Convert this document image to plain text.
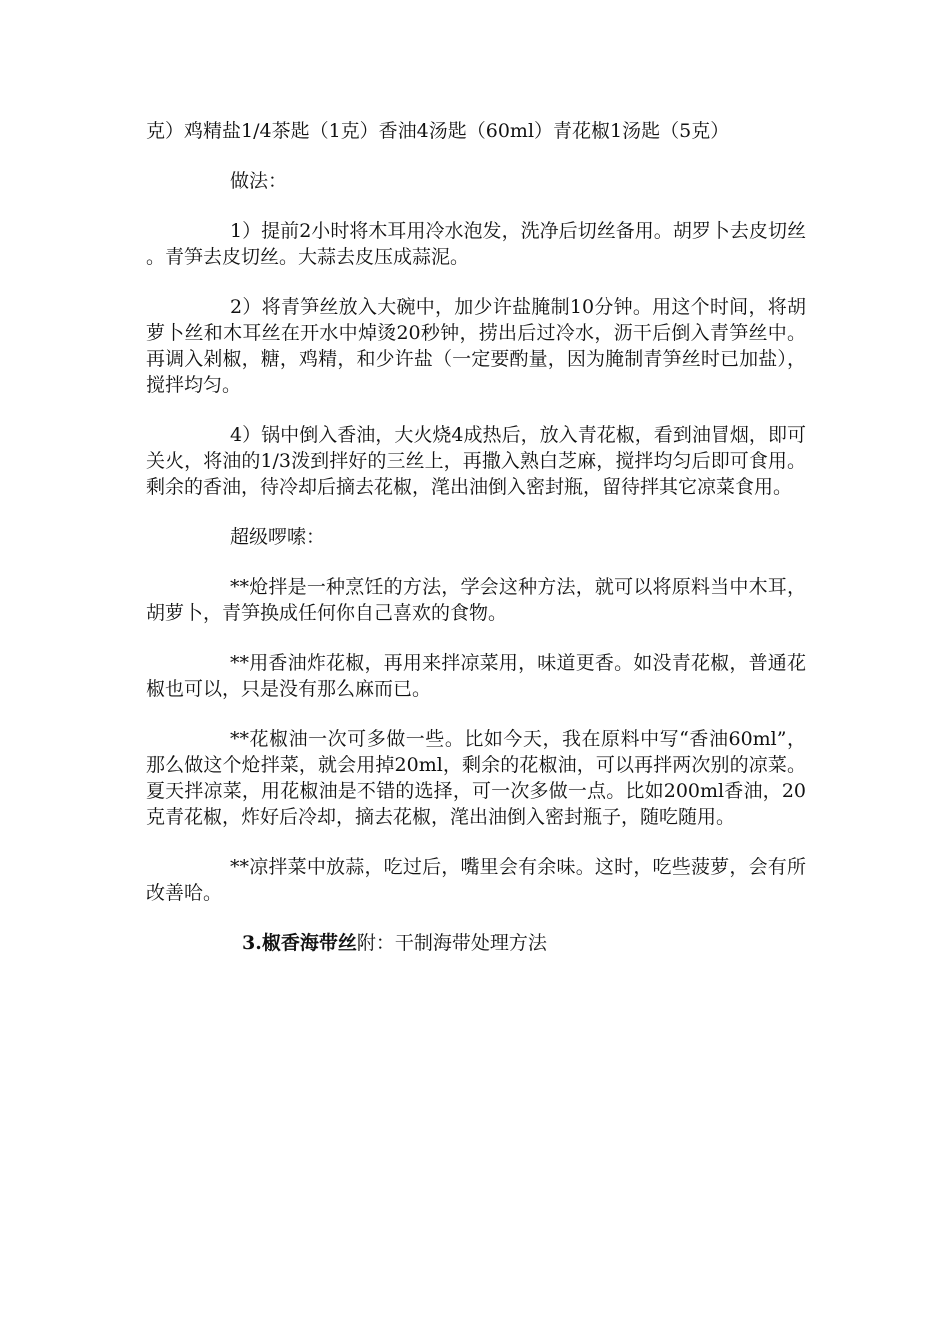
克）鸡精盐1/4茶匙（1克）香油4汤匙（60ml）青花椒1汤匙（5克）

做法：

1）提前2小时将木耳用冷水泡发，洗净后切丝备用。胡罗卜去皮切丝。青笋去皮切丝。大蒜去皮压成蒜泥。

2）将青笋丝放入大碗中，加少许盐腌制10分钟。用这个时间，将胡萝卜丝和木耳丝在开水中焯烫20秒钟，捞出后过冷水，沥干后倒入青笋丝中。再调入剁椒，糖，鸡精，和少许盐（一定要酌量，因为腌制青笋丝时已加盐），搅拌均匀。

4）锅中倒入香油，大火烧4成热后，放入青花椒，看到油冒烟，即可关火，将油的1/3泼到拌好的三丝上，再撒入熟白芝麻，搅拌均匀后即可食用。剩余的香油，待冷却后摘去花椒，滗出油倒入密封瓶，留待拌其它凉菜食用。

超级啰嗦：

**炝拌是一种烹饪的方法，学会这种方法，就可以将原料当中木耳，胡萝卜，青笋换成任何你自己喜欢的食物。

**用香油炸花椒，再用来拌凉菜用，味道更香。如没青花椒，普通花椒也可以，只是没有那么麻而已。

**花椒油一次可多做一些。比如今天，我在原料中写“香油60ml”，那么做这个炝拌菜，就会用掉20ml，剩余的花椒油，可以再拌两次别的凉菜。夏天拌凉菜，用花椒油是不错的选择，可一次多做一点。比如200ml香油，20克青花椒，炸好后冷却，摘去花椒，滗出油倒入密封瓶子，随吃随用。

**凉拌菜中放蒜，吃过后，嘴里会有余味。这时，吃些菠萝，会有所改善哈。

3.椒香海带丝附：干制海带处理方法
